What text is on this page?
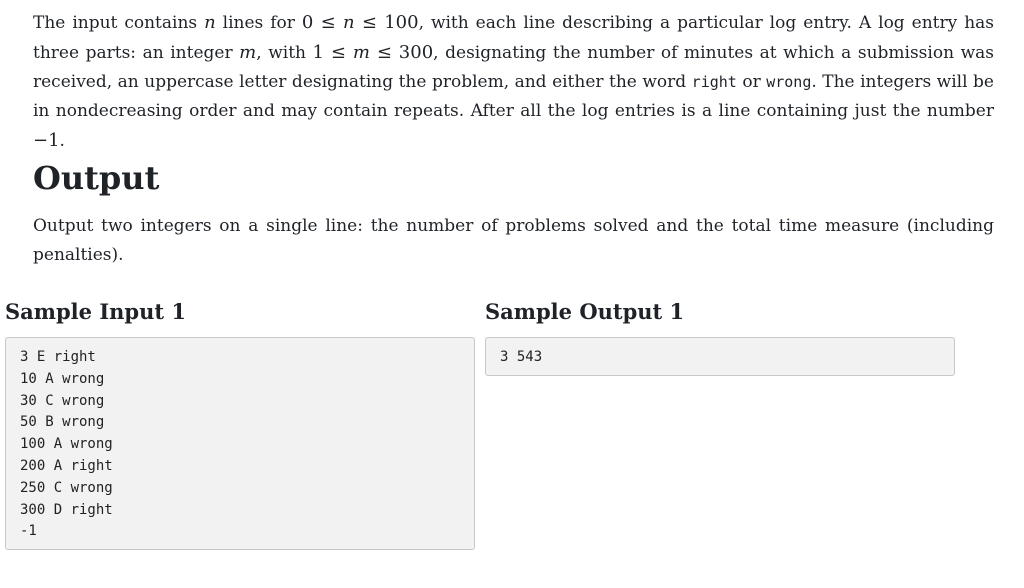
The input contains n lines for 0 ≤ n ≤ 100, with each line describing a particular log entry. A log entry has three parts: an integer m, with 1 ≤ m ≤ 300, designating the number of minutes at which a submission was received, an uppercase letter designating the problem, and either the word right or wrong. The integers will be in nondecreasing order and may contain repeats. After all the log entries is a line containing just the number −1.

Output

Output two integers on a single line: the number of problems solved and the total time measure (including penalties).

Sample Input 1
3 E right
10 A wrong
30 C wrong
50 B wrong
100 A wrong
200 A right
250 C wrong
300 D right
-1
Sample Output 1
3 543
